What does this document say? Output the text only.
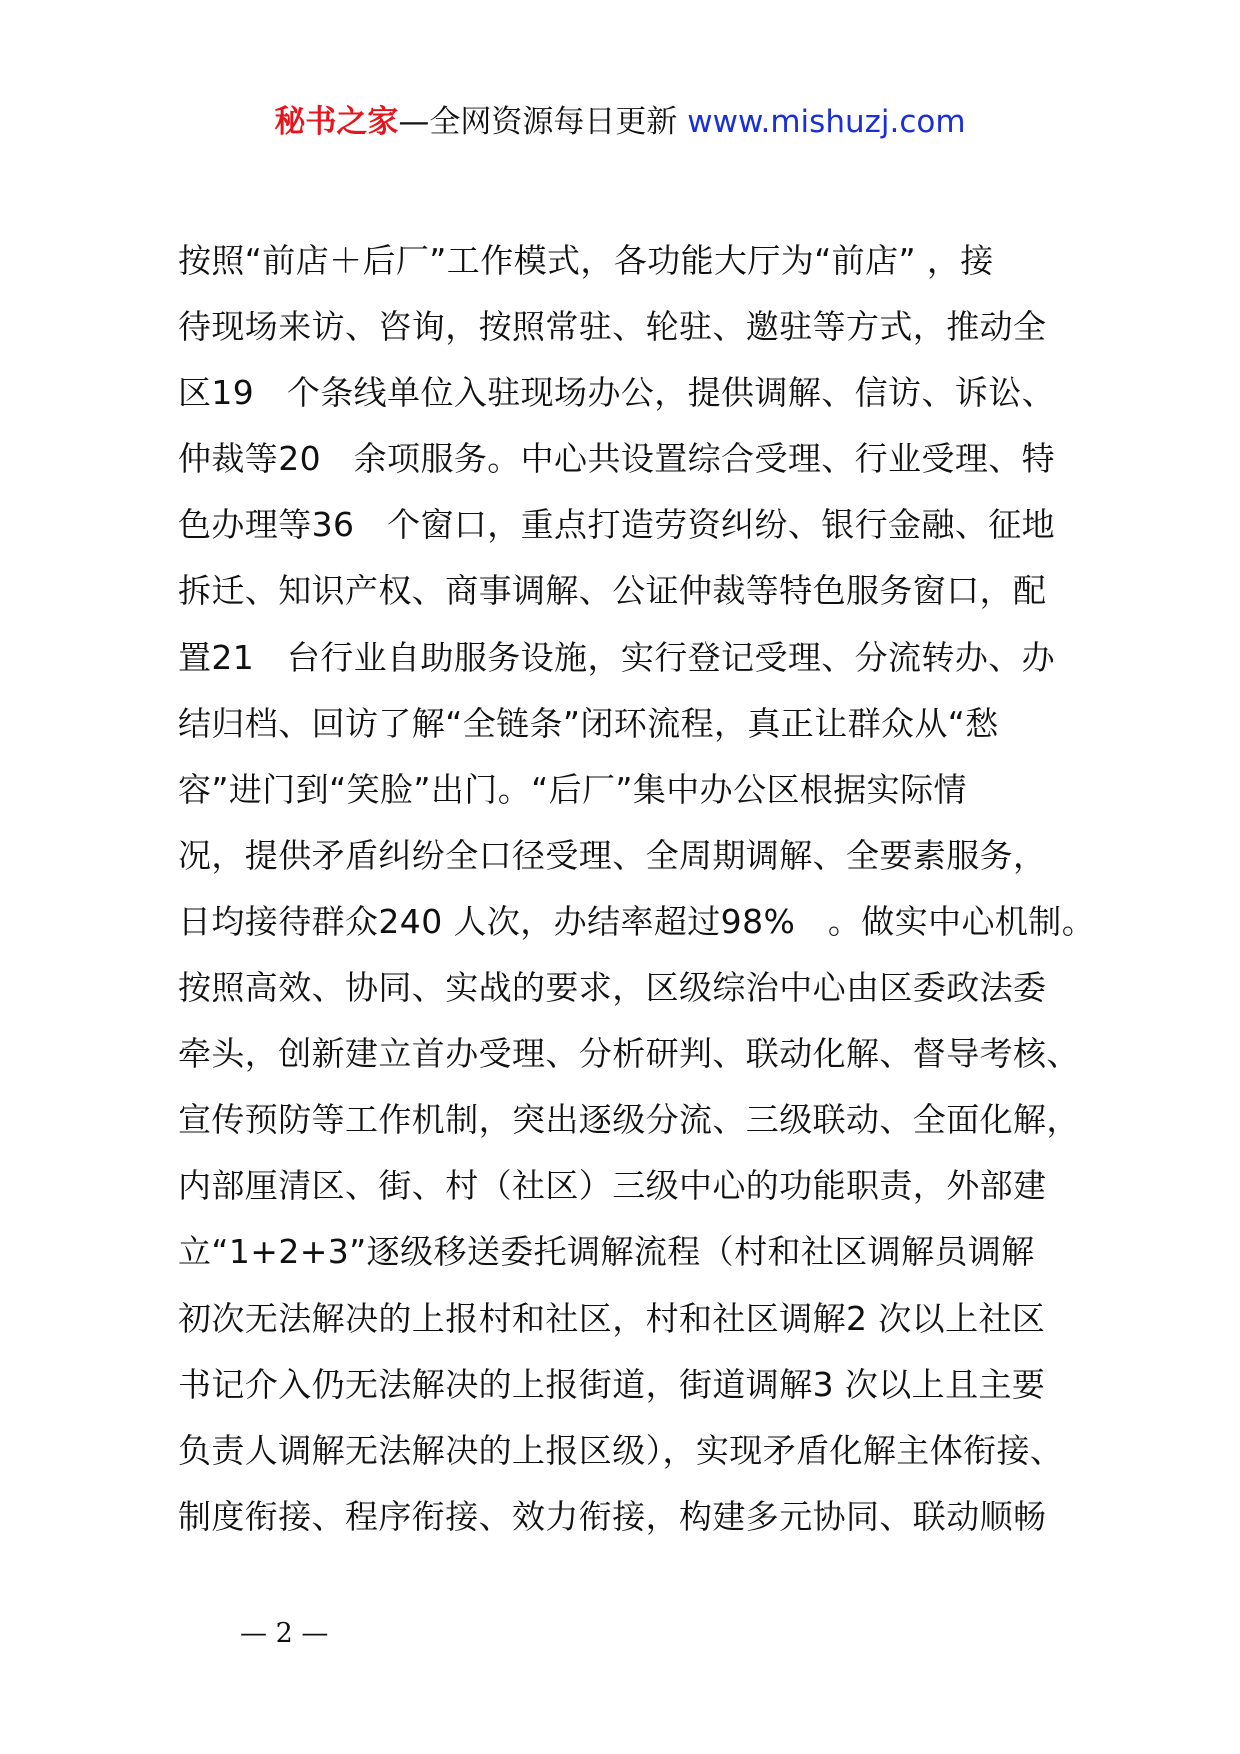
秘书之家—全网资源每日更新 www.mishuzj.com
按照“前店＋后厂”工作模式，各功能大厅为“前店” ，接
待现场来访、咨询，按照常驻、轮驻、邀驻等方式，推动全
区19   个条线单位入驻现场办公，提供调解、信访、诉讼、
仲裁等20   余项服务。中心共设置综合受理、行业受理、特
色办理等36   个窗口，重点打造劳资纠纷、银行金融、征地
拆迁、知识产权、商事调解、公证仲裁等特色服务窗口，配
置21   台行业自助服务设施，实行登记受理、分流转办、办
结归档、回访了解“全链条”闭环流程，真正让群众从“愁
容”进门到“笑脸”出门。“后厂”集中办公区根据实际情
况，提供矛盾纠纷全口径受理、全周期调解、全要素服务，
日均接待群众240 人次，办结率超过98%   。做实中心机制。
按照高效、协同、实战的要求，区级综治中心由区委政法委
牵头，创新建立首办受理、分析研判、联动化解、督导考核、
宣传预防等工作机制，突出逐级分流、三级联动、全面化解，
内部厘清区、街、村（社区）三级中心的功能职责，外部建
立“1+2+3”逐级移送委托调解流程（村和社区调解员调解
初次无法解决的上报村和社区，村和社区调解2 次以上社区
书记介入仍无法解决的上报街道，街道调解3 次以上且主要
负责人调解无法解决的上报区级），实现矛盾化解主体衔接、
制度衔接、程序衔接、效力衔接，构建多元协同、联动顺畅
— 2 —
